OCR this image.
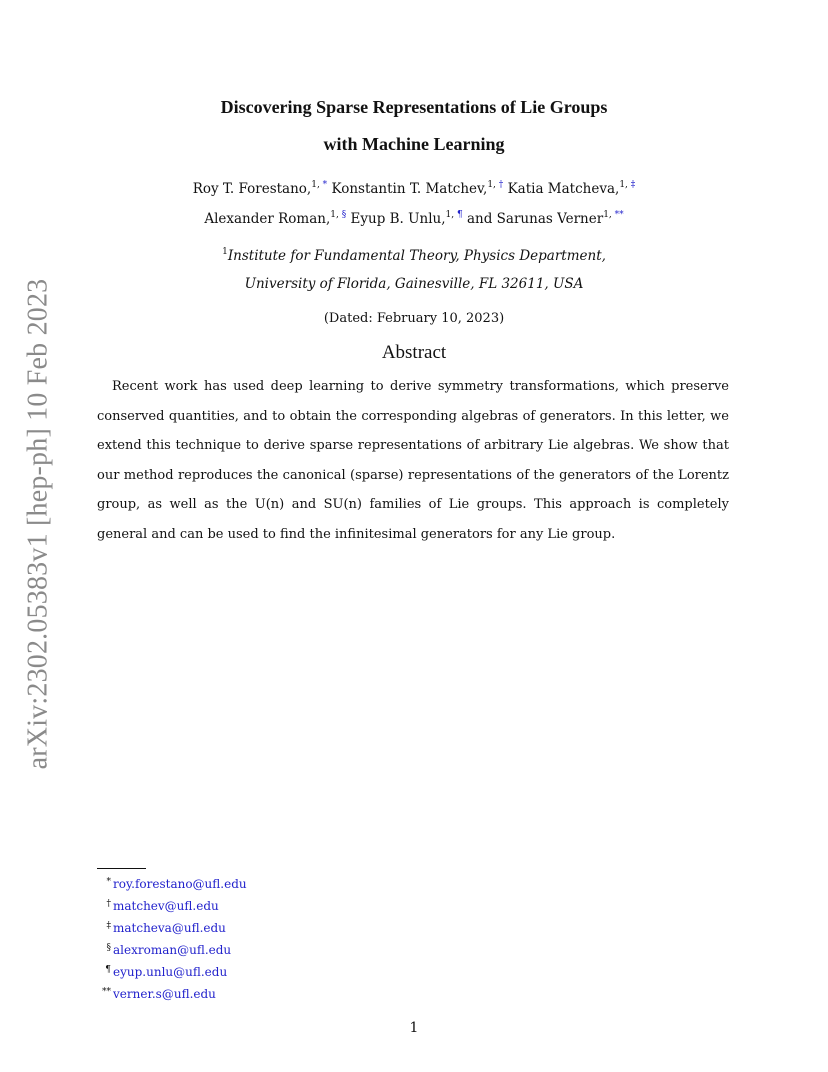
arXiv:2302.05383v1 [hep-ph] 10 Feb 2023
Discovering Sparse Representations of Lie Groups
with Machine Learning
Roy T. Forestano,$^{1, *}$ Konstantin T. Matchev,$^{1, \dagger}$ Katia Matcheva,$^{1, \ddagger}$
Alexander Roman,$^{1, \S}$ Eyup B. Unlu,$^{1, \P}$ and Sarunas Verner$^{1, **}$
$^1$Institute for Fundamental Theory, Physics Department,
University of Florida, Gainesville, FL 32611, USA
(Dated: February 10, 2023)
Abstract
Recent work has used deep learning to derive symmetry transformations, which preserve conserved quantities, and to obtain the corresponding algebras of generators. In this letter, we extend this technique to derive sparse representations of arbitrary Lie algebras. We show that our method reproduces the canonical (sparse) representations of the generators of the Lorentz group, as well as the U(n) and SU(n) families of Lie groups. This approach is completely general and can be used to find the infinitesimal generators for any Lie group.
* roy.forestano@ufl.edu
† matchev@ufl.edu
‡ matcheva@ufl.edu
§ alexroman@ufl.edu
¶ eyup.unlu@ufl.edu
** verner.s@ufl.edu
1
